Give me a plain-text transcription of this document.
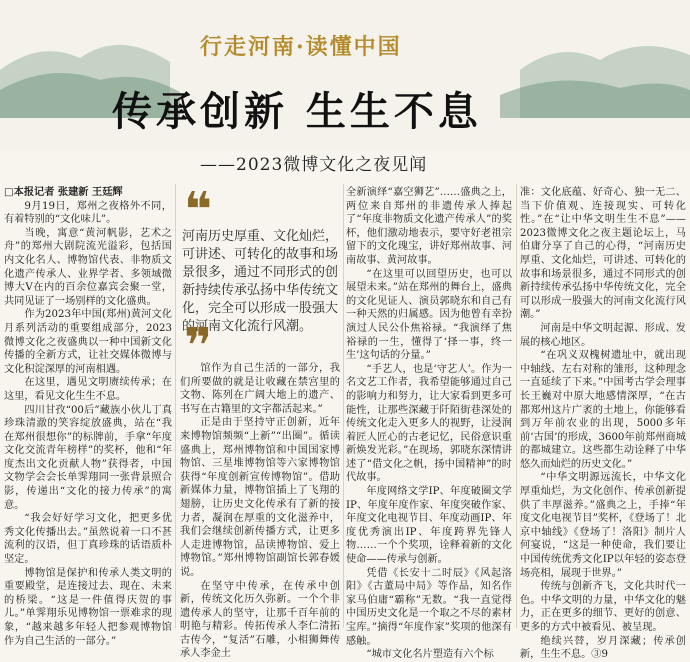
行走河南·读懂中国
传承创新 生生不息
——2023微博文化之夜见闻

□本报记者 张建新 王廷辉

9月19日，郑州之夜格外不同，有着特别的“文化味儿”。

当晚，寓意“黄河帆影，艺术之舟”的郑州大剧院流光溢彩，包括国内文化名人、博物馆代表、非物质文化遗产传承人、业界学者、多领域微博大V在内的百余位嘉宾会聚一堂，共同见证了一场别样的文化盛典。

作为2023年中国(郑州)黄河文化月系列活动的重要组成部分，2023微博文化之夜盛典以一种中国新文化传播的全新方式，让社交媒体微博与文化积淀深厚的河南相遇。

在这里，遇见文明赓续传承；在这里，看见文化生生不息。

四川甘孜“00后”藏族小伙儿丁真珍珠清澈的笑容绽放盛典，站在“我在郑州很想你”的标牌前，手拿“年度文化交流青年榜样”的奖杯，他和“年度杰出文化贡献人物”获得者，中国文物学会会长单霁翔同一张背景照合影，传递出“文化的接力传承”的寓意。

“我会好好学习文化，把更多优秀文化传播出去。”虽然说着一口不甚流利的汉语，但丁真珍珠的话语质朴坚定。

博物馆是保护和传承人类文明的重要殿堂，是连接过去、现在、未来的桥梁。“这是一件值得庆贺的事儿。”单霁翔乐见博物馆一票难求的现象，“越来越多年轻人把参观博物馆作为自己生活的一部分。”

❝
河南历史厚重、文化灿烂，可讲述、可转化的故事和场景很多，通过不同形式的创新持续传承弘扬中华传统文化，完全可以形成一股强大的河南文化流行风潮。
❞

馆作为自己生活的一部分，我们所要做的就是让收藏在禁宫里的文物、陈列在广阔大地上的遗产、书写在古籍里的文字都活起来。”

正是由于坚持守正创新，近年来博物馆频频“上新”“出圈”。循读盛典上，郑州博物馆和中国国家博物馆、三星堆博物馆等六家博物馆获得“年度创新宣传博物馆”。借助新媒体力量，博物馆插上了飞翔的翅膀，让历史文化传承有了新的接力者，凝润在厚重的文化滋养中，我们会继续创新传播方式，让更多人走进博物馆，品读博物馆、爱上博物馆。”郑州博物馆副馆长郭春媛说。

在坚守中传承，在传承中创新，传统文化历久弥新。一个个非遗传承人的坚守，让那千百年前的明艳与精彩。传拓传承人李仁清拓古传今，“复活”石雕，小相狮舞传承人李金土

全新演绎“嘉空狮艺”……盛典之上，两位来自郑州的非遗传承人捧起了“年度非物质文化遗产传承人”的奖杯，他们激动地表示，要守好老祖宗留下的文化瑰宝，讲好郑州故事、河南故事、黄河故事。

“在这里可以回望历史，也可以展望未来。”站在郑州的舞台上，盛典的文化见证人、演员郭晓东和自己有一种天然的归属感。因为他曾有幸扮演过人民公仆焦裕禄。“我演绎了焦裕禄的一生，懂得了‘择一事，终一生’这句话的分量。”

“手艺人，也是‘守艺人’。作为一名文艺工作者，我希望能够通过自己的影响力和努力，让大家看到更多可能性，让那些深藏于阡陌街巷深处的传统文化走入更多人的视野，让浸润着匠人匠心的古老记忆，民俗意识重新焕发光彩。”在现场，郭晓东深情讲述了“借文化之帆，扬中国精神”的时代故事。

年度网络文学IP、年度破圈文学IP、年度年度作家、年度突破作家、年度文化电视节目、年度动画IP、年度优秀演出IP、年度跨界先锋人物……一个个奖项，诠释着新的文化使命——传承与创新。

凭借《长安十二时辰》《风起洛阳》《古董局中局》等作品，知名作家马伯庸“霸称”无数。“我一直觉得中国历史文化是一个取之不尽的素材宝库。”摘得“年度作家”奖项的他深有感触。

“城市文化名片塑造有六个标

准：文化底蕴、好奇心、独一无二、当下价值观、连接现实、可转化性。”在“让中华文明生生不息”——2023微博文化之夜主题论坛上，马伯庸分享了自己的心得，“河南历史厚重、文化灿烂，可讲述、可转化的故事和场景很多，通过不同形式的创新持续传承弘扬中华传统文化，完全可以形成一股强大的河南文化流行风潮。”

河南是中华文明起源、形成、发展的核心地区。

“在巩义双槐树遗址中，就出现中轴线、左右对称的雏形，这种理念一直延续了下来。”中国考古学会理事长王巍对中原大地感情深厚，“在古都郑州这片广袤的土地上，你能够看到万年前农业的出现，5000多年前‘古国’的形成，3600年前郑州商城的都城建立。这些都生动诠释了中华悠久而灿烂的历史文化。”

“中华文明源远流长，中华文化厚重灿烂，为文化创作、传承创新提供了丰厚滋养。”盛典之上，手捧“年度文化电视节目”奖杯，《登场了！北京中轴线》《登场了！洛阳》制片人何宴说，“这是一种使命，我们要让中国传统优秀文化IP以年轻的姿态登场亮相，展现于世界。”

传统与创新齐飞，文化共时代一色。中华文明的力量，中华文化的魅力，正在更多的细节、更好的创意、更多的方式中被看见、被呈现。

绝续兴替，岁月深藏；传承创新，生生不息。③9
